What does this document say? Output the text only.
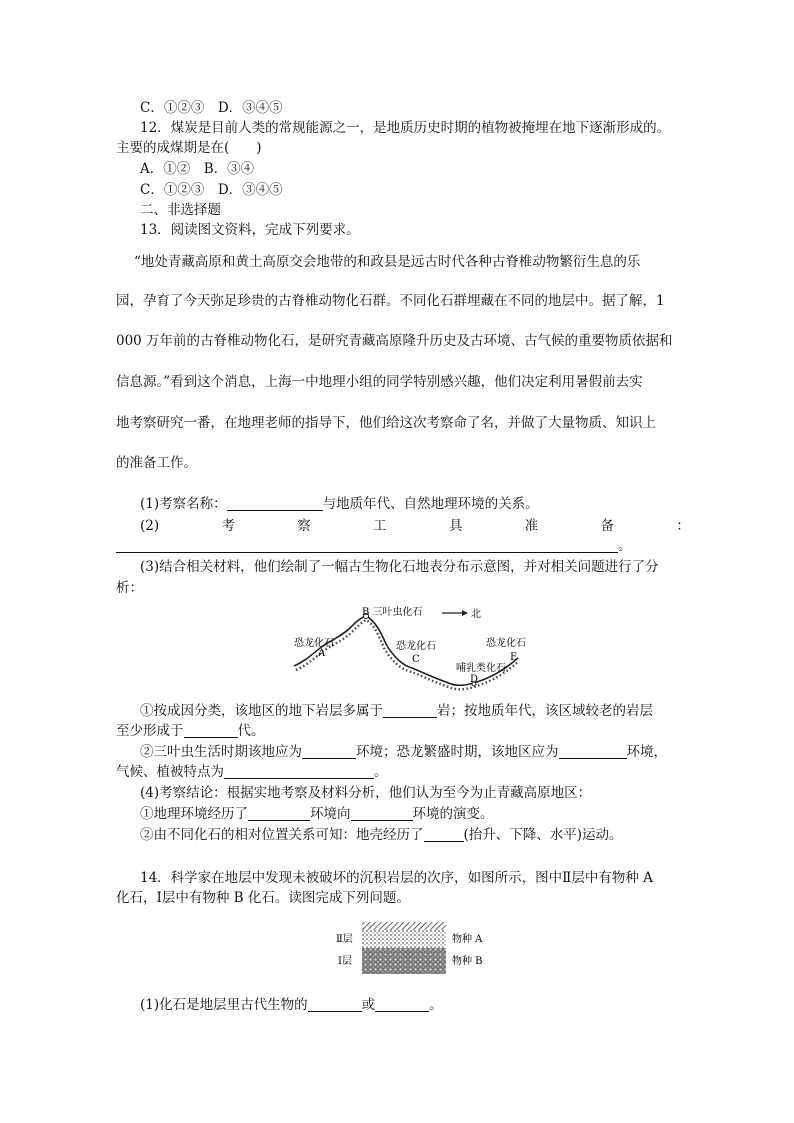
C．①②③　D．③④⑤
12．煤炭是目前人类的常规能源之一，是地质历史时期的植物被掩埋在地下逐渐形成的。
主要的成煤期是在(　　)
A．①②　B．③④
C．①②③　D．③④⑤
二、非选择题
13．阅读图文资料，完成下列要求。
“地处青藏高原和黄土高原交会地带的和政县是远古时代各种古脊椎动物繁衍生息的乐
园，孕育了今天弥足珍贵的古脊椎动物化石群。不同化石群埋藏在不同的地层中。据了解，1
000 万年前的古脊椎动物化石，是研究青藏高原隆升历史及古环境、古气候的重要物质依据和
信息源。”看到这个消息，上海一中地理小组的同学特别感兴趣，他们决定利用暑假前去实
地考察研究一番，在地理老师的指导下，他们给这次考察命了名，并做了大量物质、知识上
的准备工作。
(1)考察名称：	与地质年代、自然地理环境的关系。
(2)	考	察	工	具	准	备	：
。
(3)结合相关材料，他们绘制了一幅古生物化石地表分布示意图，并对相关问题进行了分
析：
B 三叶虫化石	北
恐龙化石
A
恐龙化石
C
恐龙化石
E
哺乳类化石
D
①按成因分类，该地区的地下岩层多属于	岩；按地质年代，该区域较老的岩层
至少形成于	代。
②三叶虫生活时期该地应为	环境；恐龙繁盛时期，该地区应为	环境，
气候、植被特点为	。
(4)考察结论：根据实地考察及材料分析，他们认为至今为止青藏高原地区：
①地理环境经历了	环境向	环境的演变。
②由不同化石的相对位置关系可知：地壳经历了	(抬升、下降、水平)运动。
14．科学家在地层中发现未被破坏的沉积岩层的次序，如图所示，图中Ⅱ层中有物种 A
化石，Ⅰ层中有物种 B 化石。读图完成下列问题。
Ⅱ层
Ⅰ层
物种 A
物种 B
(1)化石是地层里古代生物的	或	。
